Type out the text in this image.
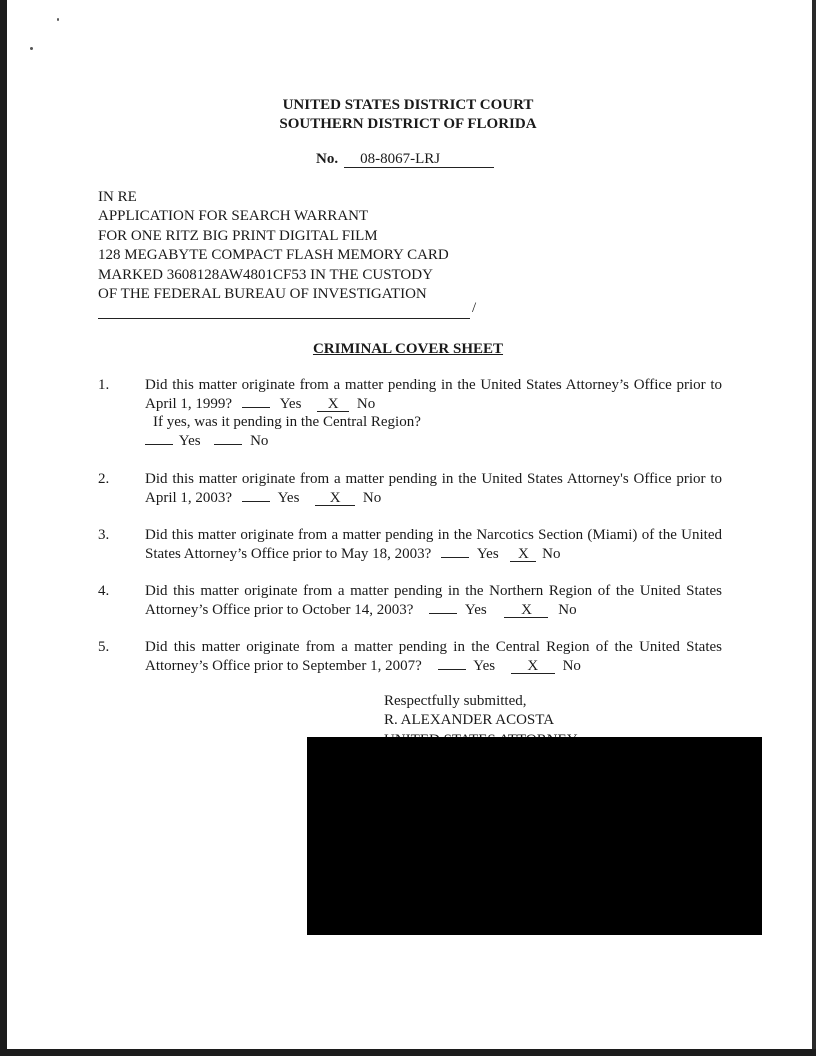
UNITED STATES DISTRICT COURT
SOUTHERN DISTRICT OF FLORIDA
No. 08-8067-LRJ
IN RE
APPLICATION FOR SEARCH WARRANT
FOR ONE RITZ BIG PRINT DIGITAL FILM
128 MEGABYTE COMPACT FLASH MEMORY CARD
MARKED 3608128AW4801CF53 IN THE CUSTODY
OF THE FEDERAL BUREAU OF INVESTIGATION
/
CRIMINAL COVER SHEET
1. Did this matter originate from a matter pending in the United States Attorney’s Office prior to April 1, 1999?	Yes X No
If yes, was it pending in the Central Region?
Yes	No
2. Did this matter originate from a matter pending in the United States Attorney's Office prior to April 1, 2003?	Yes X No
3. Did this matter originate from a matter pending in the Narcotics Section (Miami) of the United States Attorney’s Office prior to May 18, 2003?	Yes X No
4. Did this matter originate from a matter pending in the Northern Region of the United States Attorney’s Office prior to October 14, 2003?	Yes X No
5. Did this matter originate from a matter pending in the Central Region of the United States Attorney’s Office prior to September 1, 2007?	Yes X No
Respectfully submitted,
R. ALEXANDER ACOSTA
